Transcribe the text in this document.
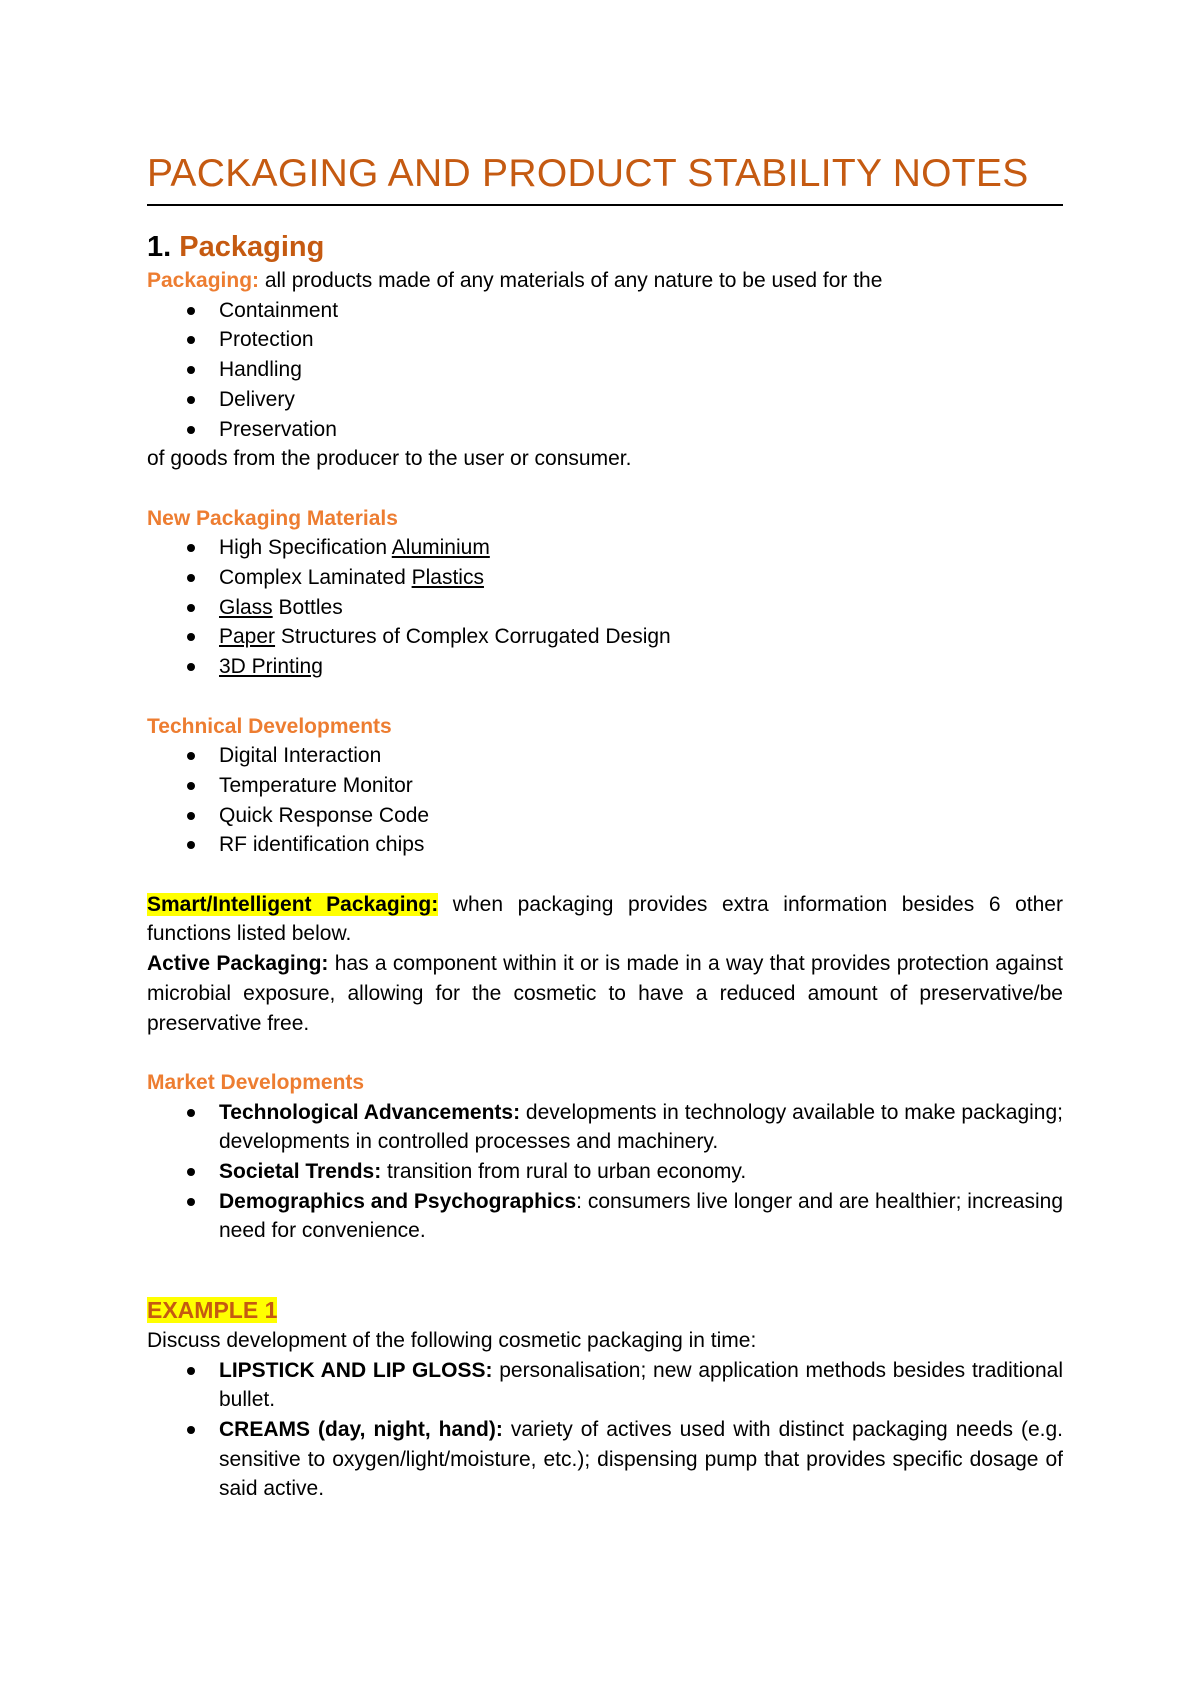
PACKAGING AND PRODUCT STABILITY NOTES
1. Packaging
Packaging: all products made of any materials of any nature to be used for the
Containment
Protection
Handling
Delivery
Preservation
of goods from the producer to the user or consumer.
New Packaging Materials
High Specification Aluminium
Complex Laminated Plastics
Glass Bottles
Paper Structures of Complex Corrugated Design
3D Printing
Technical Developments
Digital Interaction
Temperature Monitor
Quick Response Code
RF identification chips
Smart/Intelligent Packaging: when packaging provides extra information besides 6 other functions listed below.
Active Packaging: has a component within it or is made in a way that provides protection against microbial exposure, allowing for the cosmetic to have a reduced amount of preservative/be preservative free.
Market Developments
Technological Advancements: developments in technology available to make packaging; developments in controlled processes and machinery.
Societal Trends: transition from rural to urban economy.
Demographics and Psychographics: consumers live longer and are healthier; increasing need for convenience.
EXAMPLE 1
Discuss development of the following cosmetic packaging in time:
LIPSTICK AND LIP GLOSS: personalisation; new application methods besides traditional bullet.
CREAMS (day, night, hand): variety of actives used with distinct packaging needs (e.g. sensitive to oxygen/light/moisture, etc.); dispensing pump that provides specific dosage of said active.
